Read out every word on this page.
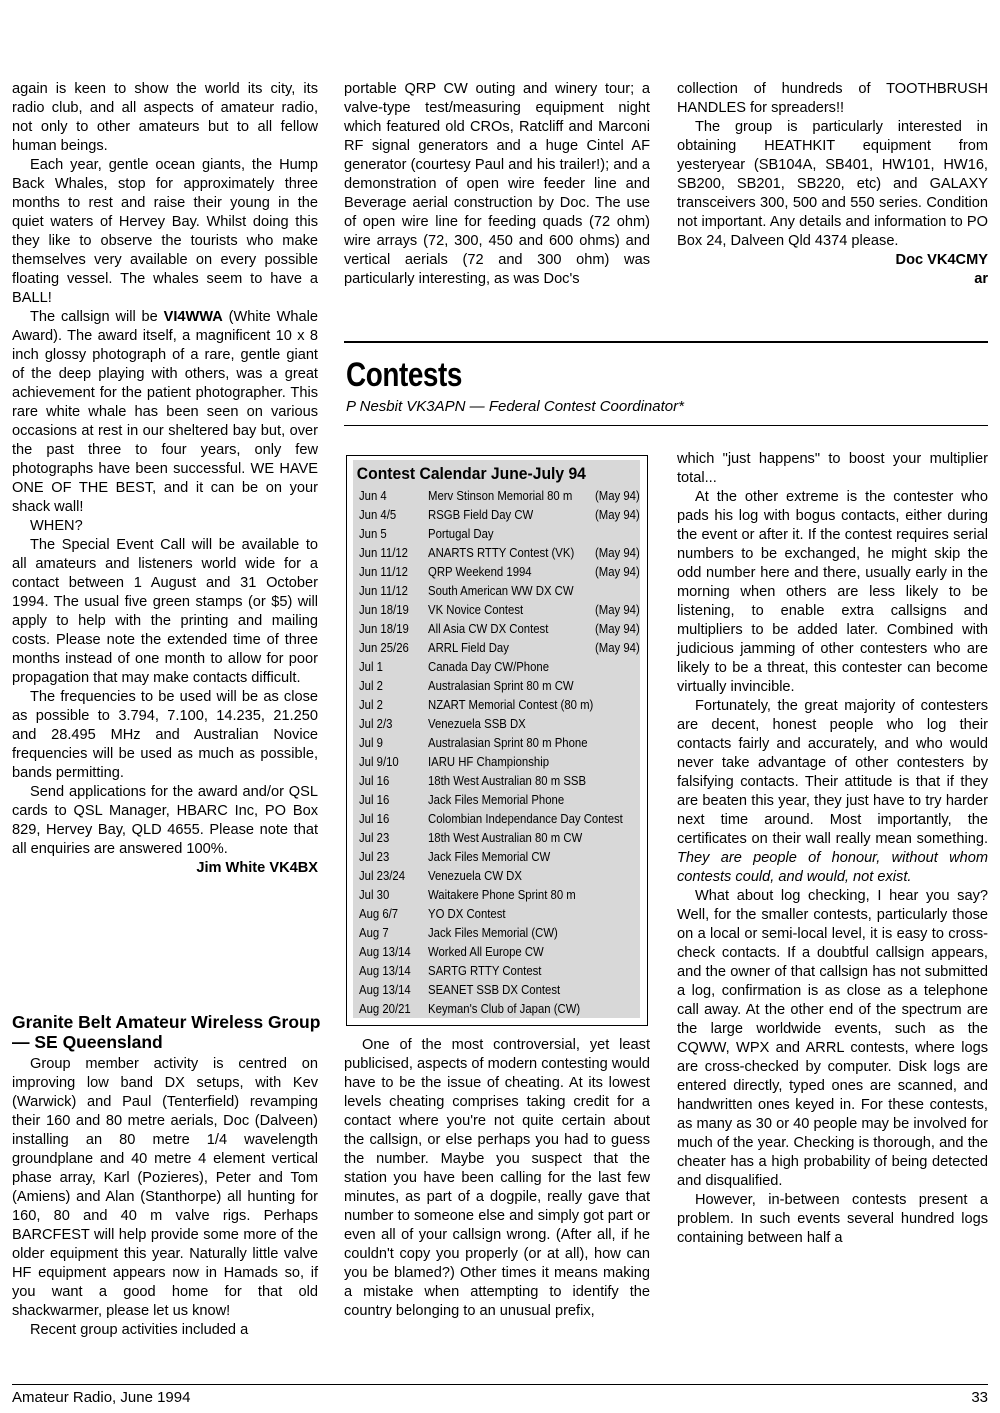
again is keen to show the world its city, its radio club, and all aspects of amateur radio, not only to other amateurs but to all fellow human beings.

Each year, gentle ocean giants, the Hump Back Whales, stop for approximately three months to rest and raise their young in the quiet waters of Hervey Bay. Whilst doing this they like to observe the tourists who make themselves very available on every possible floating vessel. The whales seem to have a BALL!

The callsign will be VI4WWA (White Whale Award). The award itself, a magnificent 10 x 8 inch glossy photograph of a rare, gentle giant of the deep playing with others, was a great achievement for the patient photographer. This rare white whale has been seen on various occasions at rest in our sheltered bay but, over the past three to four years, only few photographs have been successful. WE HAVE ONE OF THE BEST, and it can be on your shack wall!

WHEN?

The Special Event Call will be available to all amateurs and listeners world wide for a contact between 1 August and 31 October 1994. The usual five green stamps (or $5) will apply to help with the printing and mailing costs. Please note the extended time of three months instead of one month to allow for poor propagation that may make contacts difficult.

The frequencies to be used will be as close as possible to 3.794, 7.100, 14.235, 21.250 and 28.495 MHz and Australian Novice frequencies will be used as much as possible, bands permitting.

Send applications for the award and/or QSL cards to QSL Manager, HBARC Inc, PO Box 829, Hervey Bay, QLD 4655. Please note that all enquiries are answered 100%.

Jim White VK4BX

Granite Belt Amateur Wireless Group — SE Queensland

Group member activity is centred on improving low band DX setups, with Kev (Warwick) and Paul (Tenterfield) revamping their 160 and 80 metre aerials, Doc (Dalveen) installing an 80 metre 1/4 wavelength groundplane and 40 metre 4 element vertical phase array, Karl (Pozieres), Peter and Tom (Amiens) and Alan (Stanthorpe) all hunting for 160, 80 and 40 m valve rigs. Perhaps BARCFEST will help provide some more of the older equipment this year. Naturally little valve HF equipment appears now in Hamads so, if you want a good home for that old shackwarmer, please let us know!

Recent group activities included a

portable QRP CW outing and winery tour; a valve-type test/measuring equipment night which featured old CROs, Ratcliff and Marconi RF signal generators and a huge Cintel AF generator (courtesy Paul and his trailer!); and a demonstration of open wire feeder line and Beverage aerial construction by Doc. The use of open wire line for feeding quads (72 ohm) wire arrays (72, 300, 450 and 600 ohms) and vertical aerials (72 and 300 ohm) was particularly interesting, as was Doc's

collection of hundreds of TOOTHBRUSH HANDLES for spreaders!!

The group is particularly interested in obtaining HEATHKIT equipment from yesteryear (SB104A, SB401, HW101, HW16, SB200, SB201, SB220, etc) and GALAXY transceivers 300, 500 and 550 series. Condition not important. Any details and information to PO Box 24, Dalveen Qld 4374 please.

Doc VK4CMY

ar

Contests

P Nesbit VK3APN — Federal Contest Coordinator*

Contest Calendar June-July 94

Jun 4	Merv Stinson Memorial 80 m (May 94)
Jun 4/5 RSGB Field Day CW	(May 94)
Jun 5	Portugal Day
Jun 11/12 ANARTS RTTY Contest (VK) (May 94)
Jun 11/12 QRP Weekend 1994	(May 94)
Jun 11/12 South American WW DX CW
Jun 18/19 VK Novice Contest	(May 94)
Jun 18/19 All Asia CW DX Contest	(May 94)
Jun 25/26 ARRL Field Day	(May 94)
Jul 1	Canada Day CW/Phone
Jul 2	Australasian Sprint 80 m CW
Jul 2	NZART Memorial Contest (80 m)
Jul 2/3	Venezuela SSB DX
Jul 9	Australasian Sprint 80 m Phone
Jul 9/10 IARU HF Championship
Jul 16	18th West Australian 80 m SSB
Jul 16	Jack Files Memorial Phone
Jul 16	Colombian Independance Day Contest
Jul 23	18th West Australian 80 m CW
Jul 23	Jack Files Memorial CW
Jul 23/24 Venezuela CW DX
Jul 30	Waitakere Phone Sprint 80 m
Aug 6/7 YO DX Contest
Aug 7	Jack Files Memorial (CW)
Aug 13/14 Worked All Europe CW
Aug 13/14 SARTG RTTY Contest
Aug 13/14 SEANET SSB DX Contest
Aug 20/21 Keyman's Club of Japan (CW)

One of the most controversial, yet least publicised, aspects of modern contesting would have to be the issue of cheating. At its lowest levels cheating comprises taking credit for a contact where you're not quite certain about the callsign, or else perhaps you had to guess the number. Maybe you suspect that the station you have been calling for the last few minutes, as part of a dogpile, really gave that number to someone else and simply got part or even all of your callsign wrong. (After all, if he couldn't copy you properly (or at all), how can you be blamed?) Other times it means making a mistake when attempting to identify the country belonging to an unusual prefix,

which "just happens" to boost your multiplier total...

At the other extreme is the contester who pads his log with bogus contacts, either during the event or after it. If the contest requires serial numbers to be exchanged, he might skip the odd number here and there, usually early in the morning when others are less likely to be listening, to enable extra callsigns and multipliers to be added later. Combined with judicious jamming of other contesters who are likely to be a threat, this contester can become virtually invincible.

Fortunately, the great majority of contesters are decent, honest people who log their contacts fairly and accurately, and who would never take advantage of other contesters by falsifying contacts. Their attitude is that if they are beaten this year, they just have to try harder next time around. Most importantly, the certificates on their wall really mean something. They are people of honour, without whom contests could, and would, not exist.

What about log checking, I hear you say? Well, for the smaller contests, particularly those on a local or semi-local level, it is easy to cross- check contacts. If a doubtful callsign appears, and the owner of that callsign has not submitted a log, confirmation is as close as a telephone call away. At the other end of the spectrum are the large worldwide events, such as the CQWW, WPX and ARRL contests, where logs are cross-checked by computer. Disk logs are entered directly, typed ones are scanned, and handwritten ones keyed in. For these contests, as many as 30 or 40 people may be involved for much of the year. Checking is thorough, and the cheater has a high probability of being detected and disqualified.

However, in-between contests present a problem. In such events several hundred logs containing between half a

Amateur Radio, June 1994	33
